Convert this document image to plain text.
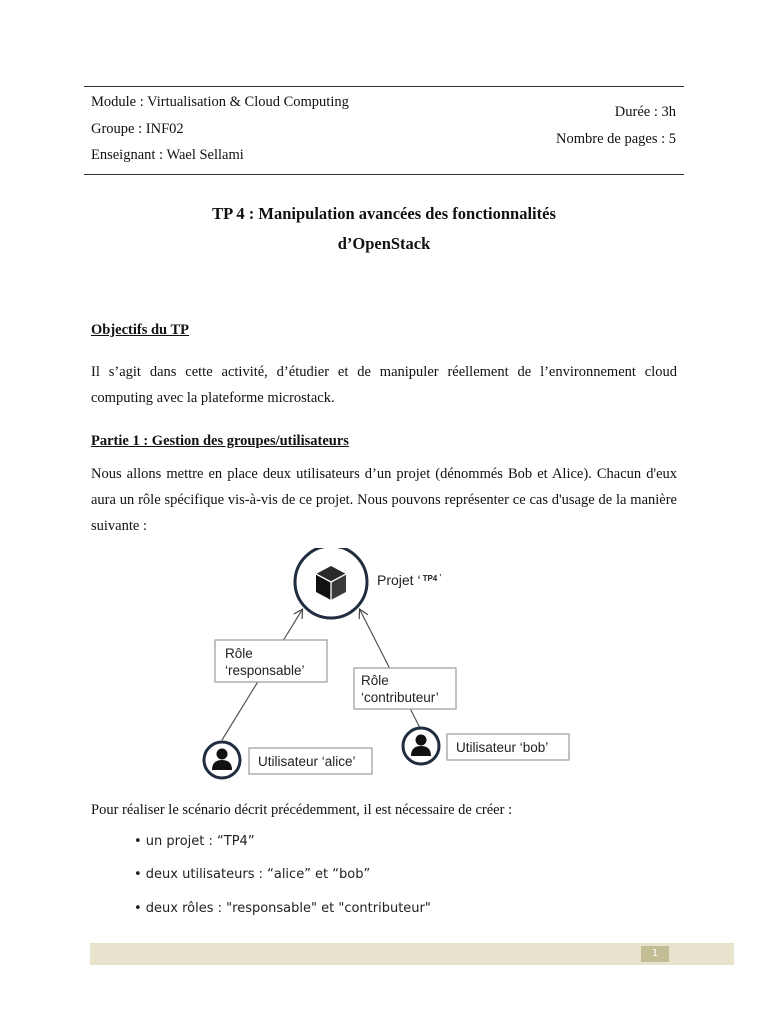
Module : Virtualisation & Cloud Computing
Groupe : INF02
Enseignant : Wael Sellami
Durée : 3h
Nombre de pages : 5
TP 4 : Manipulation avancées des fonctionnalités
d’OpenStack
Objectifs du TP
Il s’agit dans cette activité, d’étudier et de manipuler réellement de l’environnement cloud computing avec la plateforme microstack.
Partie 1 : Gestion des groupes/utilisateurs
Nous allons mettre en place deux utilisateurs d’un projet (dénommés Bob et Alice). Chacun d'eux aura un rôle spécifique vis-à-vis de ce projet. Nous pouvons représenter ce cas d'usage de la manière suivante :
Projet ‘ $^{TP4}$ ’
Rôle
‘responsable’
Rôle
‘contributeur’
Utilisateur ‘alice’
Utilisateur ‘bob’
Pour réaliser le scénario décrit précédemment, il est nécessaire de créer :
• un projet : “TP4”
• deux utilisateurs : “alice” et “bob”
• deux rôles : "responsable" et "contributeur"
1
